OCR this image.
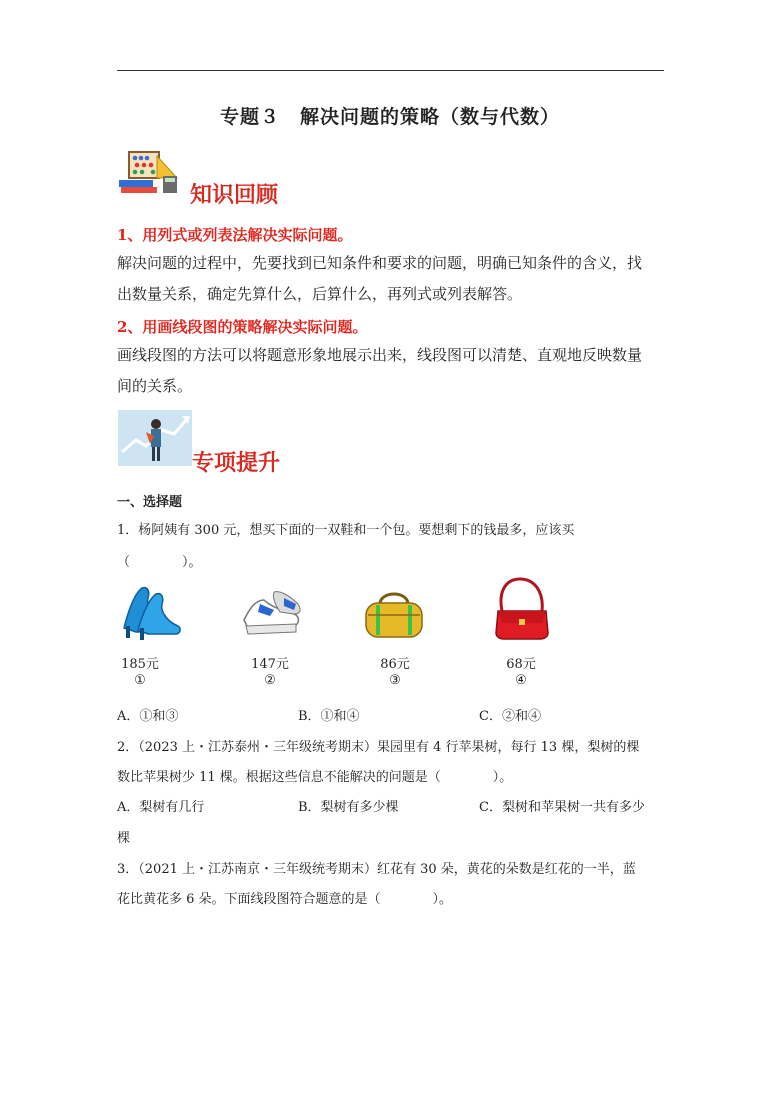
专题３　解决问题的策略（数与代数）
知识回顾
1、用列式或列表法解决实际问题。
解决问题的过程中，先要找到已知条件和要求的问题，明确已知条件的含义，找
出数量关系，确定先算什么，后算什么，再列式或列表解答。
2、用画线段图的策略解决实际问题。
画线段图的方法可以将题意形象地展示出来，线段图可以清楚、直观地反映数量
间的关系。
专项提升
一、选择题
1．杨阿姨有 300 元，想买下面的一双鞋和一个包。要想剩下的钱最多，应该买
（　　　　）。
185元
①
147元
②
86元
③
68元
④
A．①和③	B．①和④	C．②和④
2．（2023 上・江苏泰州・三年级统考期末）果园里有 4 行苹果树，每行 13 棵，梨树的棵
数比苹果树少 11 棵。根据这些信息不能解决的问题是（　　　　）。
A．梨树有几行	B．梨树有多少棵	C．梨树和苹果树一共有多少
棵
3．（2021 上・江苏南京・三年级统考期末）红花有 30 朵，黄花的朵数是红花的一半，蓝
花比黄花多 6 朵。下面线段图符合题意的是（　　　　）。
